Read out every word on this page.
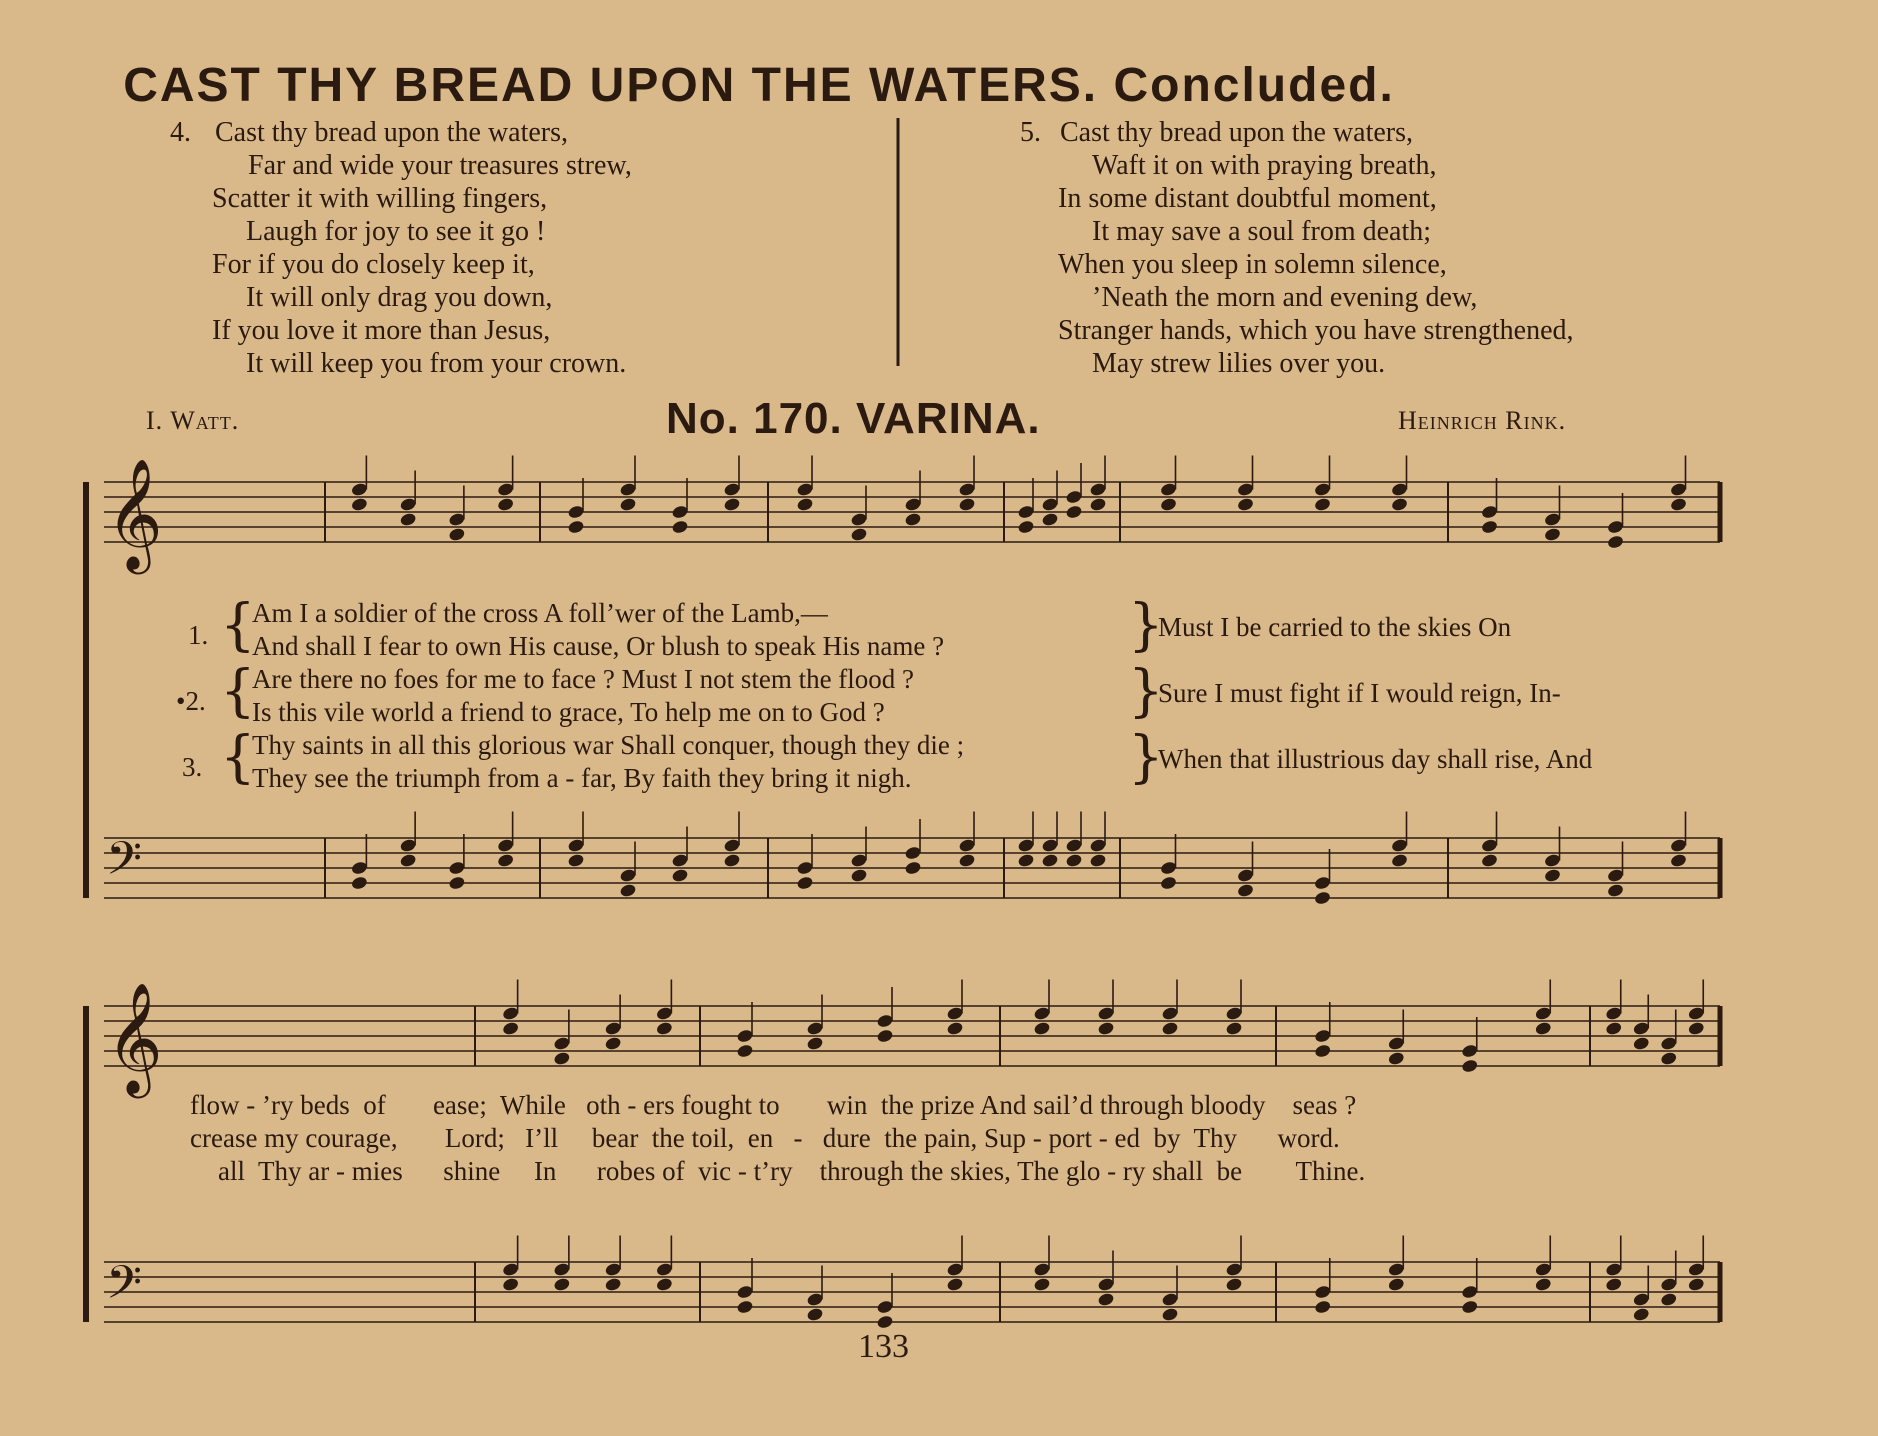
CAST THY BREAD UPON THE WATERS. Concluded.
4. Cast thy bread upon the waters,
Far and wide your treasures strew,
Scatter it with willing fingers,
Laugh for joy to see it go !
For if you do closely keep it,
It will only drag you down,
If you love it more than Jesus,
It will keep you from your crown.
5. Cast thy bread upon the waters,
Waft it on with praying breath,
In some distant doubtful moment,
It may save a soul from death;
When you sleep in solemn silence,
’Neath the morn and evening dew,
Stranger hands, which you have strengthened,
May strew lilies over you.
I. Watt.	No. 170. VARINA.	Heinrich Rink.
𝄞
𝄢
𝄞
𝄢
1. {
Am I a soldier of the cross A foll’wer of the Lamb,—
And shall I fear to own His cause, Or blush to speak His name ?	}
Must I be carried to the skies On
•2. {
Are there no foes for me to face ? Must I not stem the flood ?
Is this vile world a friend to grace, To help me on to God ?	}
Sure I must fight if I would reign, In-
3. {
Thy saints in all this glorious war Shall conquer, though they die ;
They see the triumph from a - far, By faith they bring it nigh.	}
When that illustrious day shall rise, And
flow - ’ry beds  of       ease;  While   oth - ers fought to       win  the prize And sail’d through bloody    seas ?
crease my courage,       Lord;   I’ll     bear  the toil,  en   -   dure  the pain, Sup - port - ed  by  Thy      word.
all  Thy ar - mies      shine     In      robes of  vic - t’ry    through the skies, The glo - ry shall  be        Thine.
133
